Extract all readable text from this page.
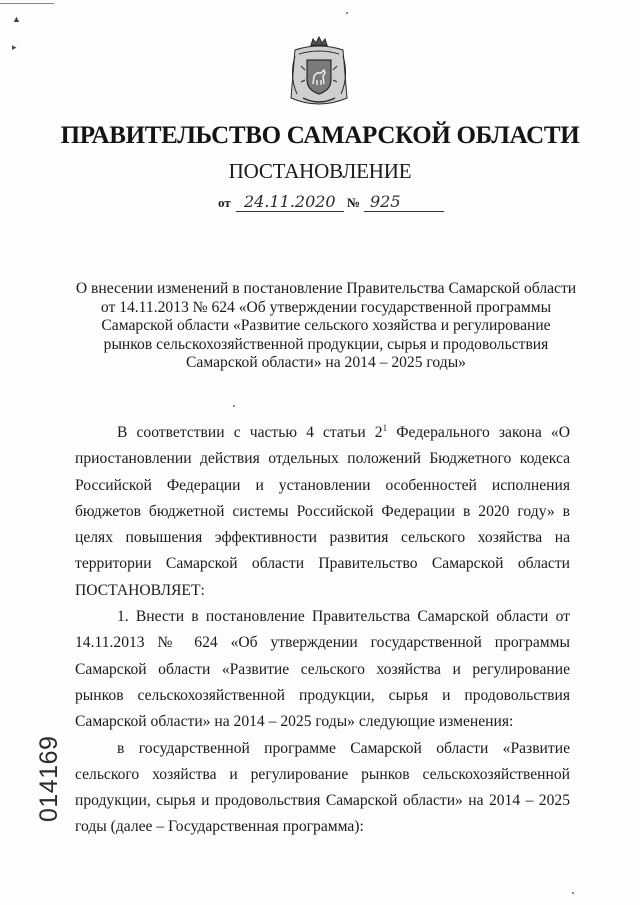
▲
▸
ПРАВИТЕЛЬСТВО САМАРСКОЙ ОБЛАСТИ
ПОСТАНОВЛЕНИЕ
от 24.11.2020 № 925
О внесении изменений в постановление Правительства Самарской области
от 14.11.2013 № 624 «Об утверждении государственной программы
Самарской области «Развитие сельского хозяйства и регулирование
рынков сельскохозяйственной продукции, сырья и продовольствия
Самарской области» на 2014 – 2025 годы»

В соответствии с частью 4 статьи $2^1$ Федерального закона «О приостановлении действия отдельных положений Бюджетного кодекса Российской Федерации и установлении особенностей исполнения бюджетов бюджетной системы Российской Федерации в 2020 году» в целях повышения эффективности развития сельского хозяйства на территории Самарской области Правительство Самарской области ПОСТАНОВЛЯЕТ:

1. Внести в постановление Правительства Самарской области от 14.11.2013 № 624 «Об утверждении государственной программы Самарской области «Развитие сельского хозяйства и регулирование рынков сельскохозяйственной продукции, сырья и продовольствия Самарской области» на 2014 – 2025 годы» следующие изменения:

в государственной программе Самарской области «Развитие сельского хозяйства и регулирование рынков сельскохозяйственной продукции, сырья и продовольствия Самарской области» на 2014 – 2025 годы (далее – Государственная программа):

014169
